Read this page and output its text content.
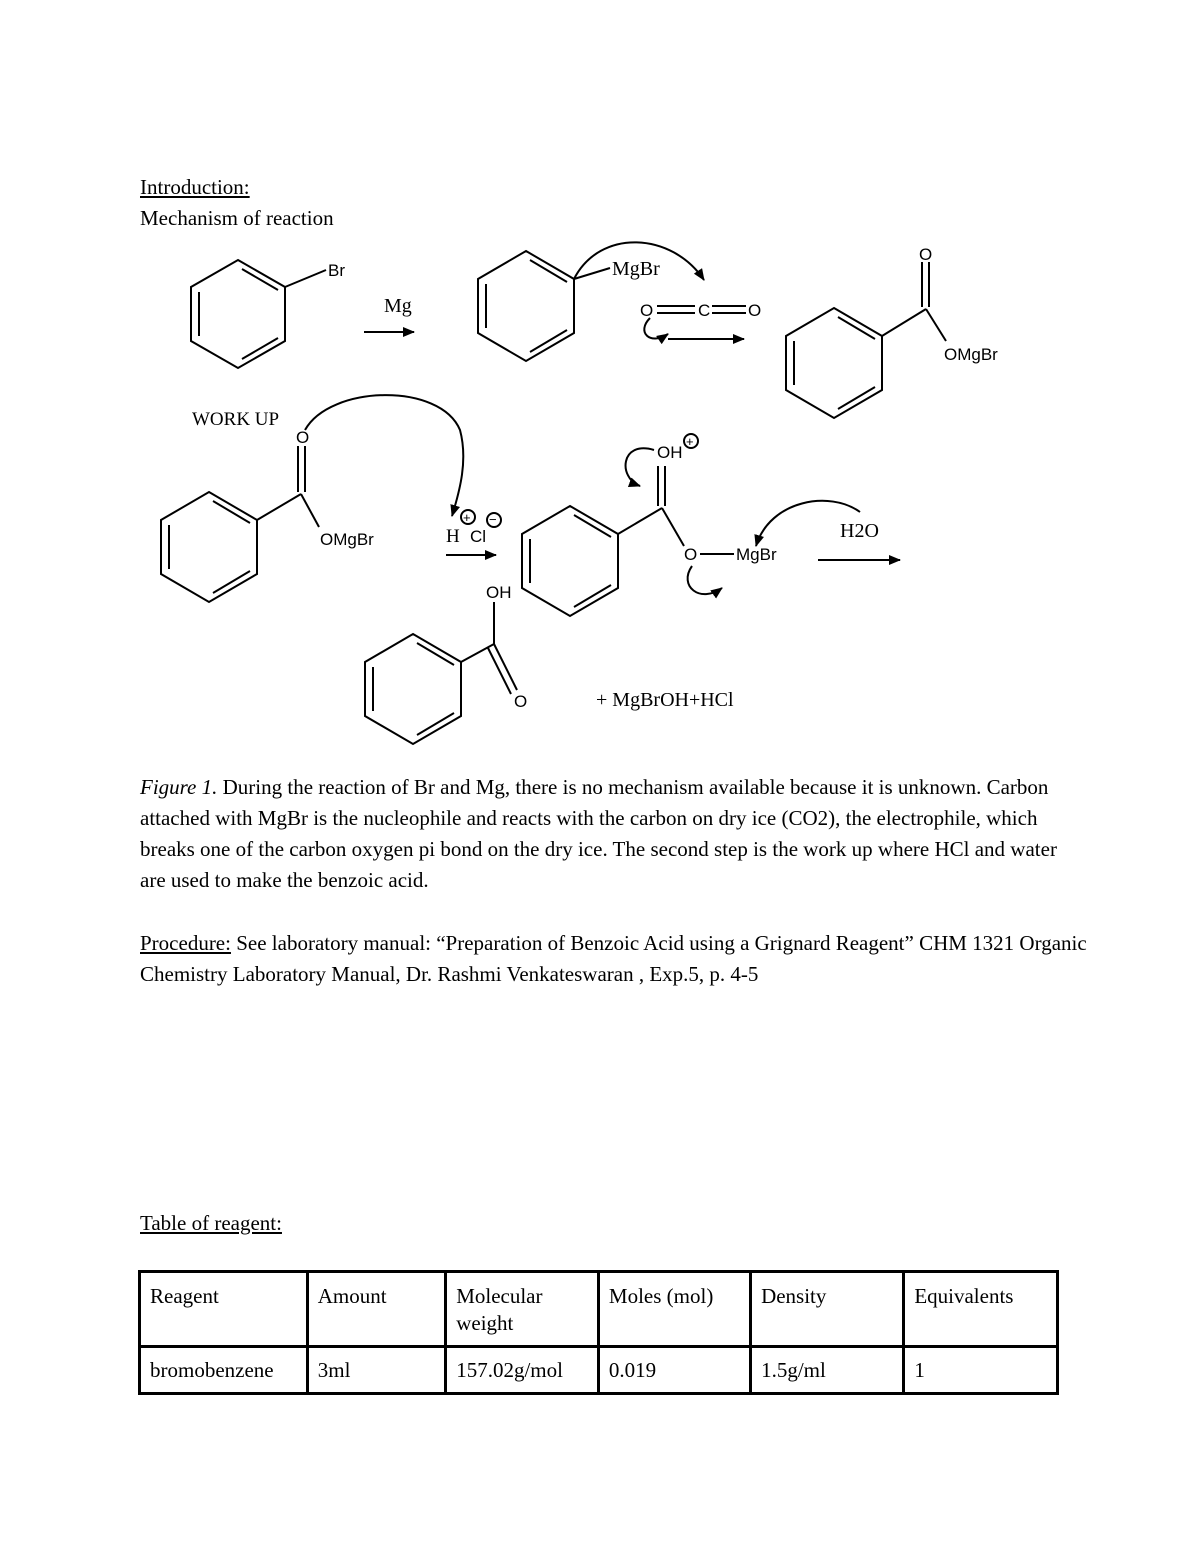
Introduction:
Mechanism of reaction
Br
Mg
MgBr
O	C O
O
OMgBr
WORK UP
O
OMgBr	H Cl
+ −
OH
+
O MgBr
H2O
OH
O	+ MgBrOH+HCl
Figure 1. During the reaction of Br and Mg, there is no mechanism available because it is unknown. Carbon attached with MgBr is the nucleophile and reacts with the carbon on dry ice (CO2), the electrophile, which breaks one of the carbon oxygen pi bond on the dry ice. The second step is the work up where HCl and water are used to make the benzoic acid.
Procedure: See laboratory manual: “Preparation of Benzoic Acid using a Grignard Reagent” CHM 1321 Organic Chemistry Laboratory Manual, Dr. Rashmi Venkateswaran , Exp.5, p. 4-5
Table of reagent:
Reagent	Amount	Molecular weight	Moles (mol)	Density	Equivalents
bromobenzene	3ml	157.02g/mol	0.019	1.5g/ml	1
